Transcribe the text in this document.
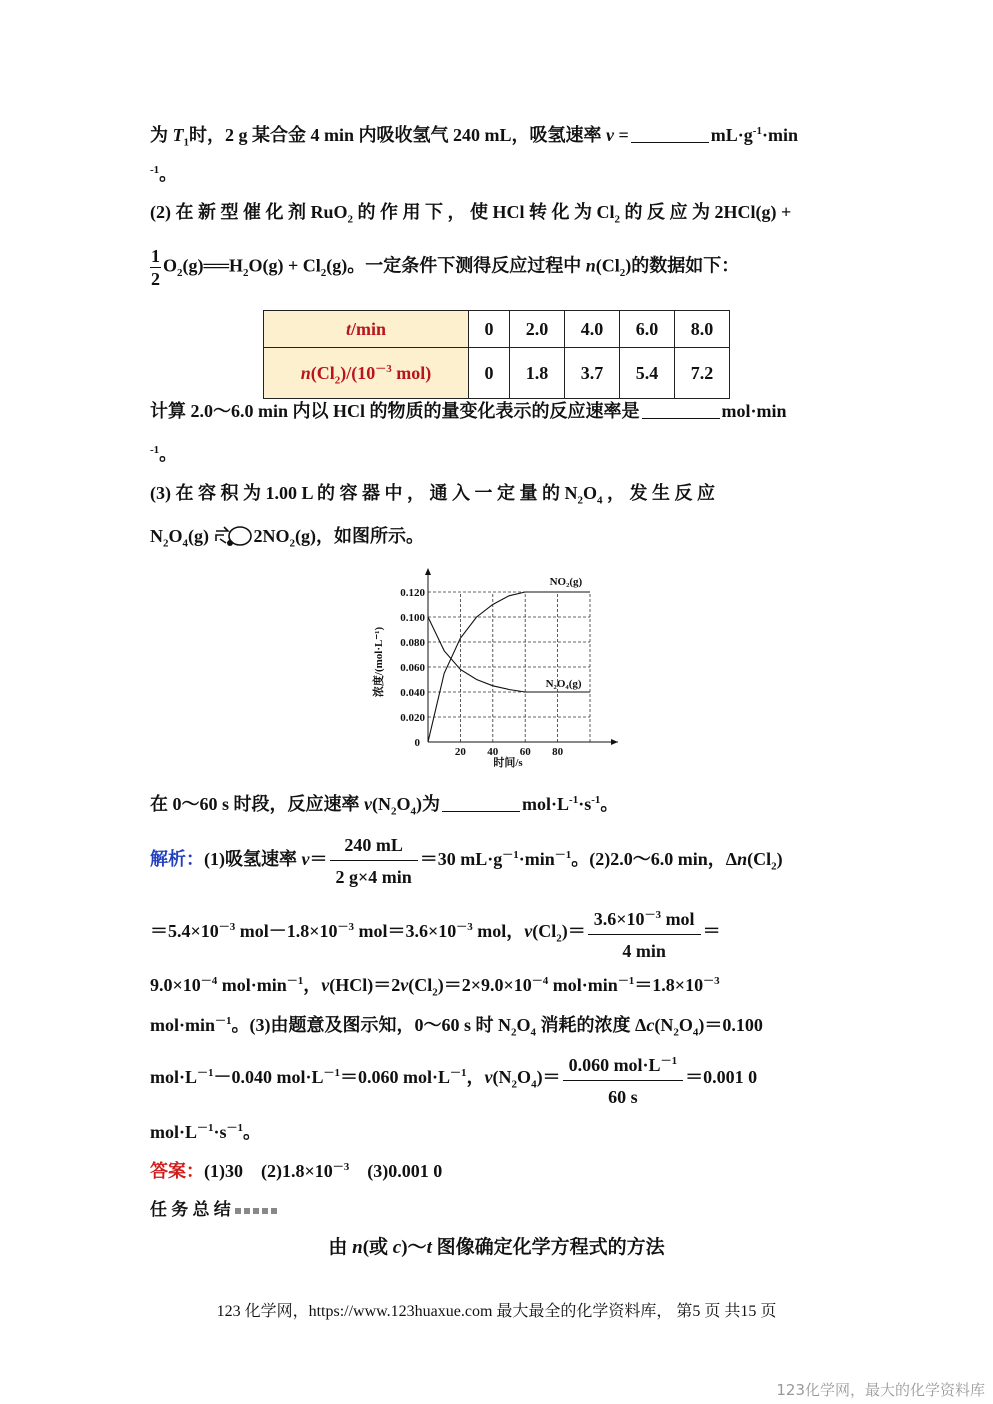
为 $T_1$时，2 g 某合金 4 min 内吸收氢气 240 mL，吸氢速率 v =	$mL\cdot g^{-1}\cdot\min$
$^{-1}$。
(2) 在 新 型 催 化 剂 RuO$_2$ 的 作 用 下 ， 使 HCl 转 化 为 $Cl_2$ 的 反 应 为 2HCl(g) +
$\frac{1}{2}$ $O_2(g)══H_2O(g) + Cl_2(g)$。一定条件下测得反应过程中 $n(Cl_2)$的数据如下：
t/min	0	2.0	4.0	6.0	8.0
$n(Cl_2)/(10^{-3}$ mol)	0	1.8	3.7	5.4	7.2
计算 2.0～6.0 min 内以 HCl 的物质的量变化表示的反应速率是	mol·min
$^{-1}$。
(3) 在 容 积 为 1.00 L 的 容 器 中 ， 通 入 一 定 量 的 $N_2O_4$ ， 发 生 反 应
$N_2O_4(g)$ $2NO_2(g)$，如图所示。
0
20 40 60 80
0.020
0.040
0.060
0.080
0.100
0.120
时间/s
浓度/(mol·L⁻¹)
NO₂(g)
N₂O₄(g)
在 0～60 s 时段，反应速率 $v(N_2O_4)$为	$mol\cdot L^{-1}\cdot s^{-1}$。
解析：(1)吸氢速率 $v= \frac{240 mL}{2 g\times 4 \min} =30$ $mL\cdot g^{-1}\cdot\min^{-1}$。(2)2.0～6.0 min，$\Delta n(Cl_2)$
$=5.4\times 10^{-3}$ $mol-1.8\times 10^{-3}$ $mol=3.6\times 10^{-3}$ mol，$v(Cl_2)= \frac{3.6\times 10^{-3} mol}{4 \min}$ ＝
$9.0\times 10^{-4}$ $mol\cdot\min^{-1}$，$v(HCl)=2v(Cl_2)=2\times 9.0\times 10^{-4}$ $mol\cdot\min^{-1}=1.8\times 10^{-3}$
$mol\cdot\min^{-1}$。(3)由题意及图示知，0～60 s 时 $N_2O_4$ 消耗的浓度 $\Delta c(N_2O_4)=0.100$
$mol\cdot L^{-1}-0.040$ $mol\cdot L^{-1}=0.060$ $mol\cdot L^{-1}$，$v(N_2O_4)= \frac{0.060 mol\cdot L^{-1}}{60 s} =0.001$ 0
$mol\cdot L^{-1}\cdot s^{-1}$。
答案：(1)30　$(2)1.8\times 10^{-3}$　(3)0.001 0
任 务 总 结
由 n(或 c)～t 图像确定化学方程式的方法
123 化学网，https://www.123huaxue.com 最大最全的化学资料库， 第5 页 共15 页
123化学网，最大的化学资料库
